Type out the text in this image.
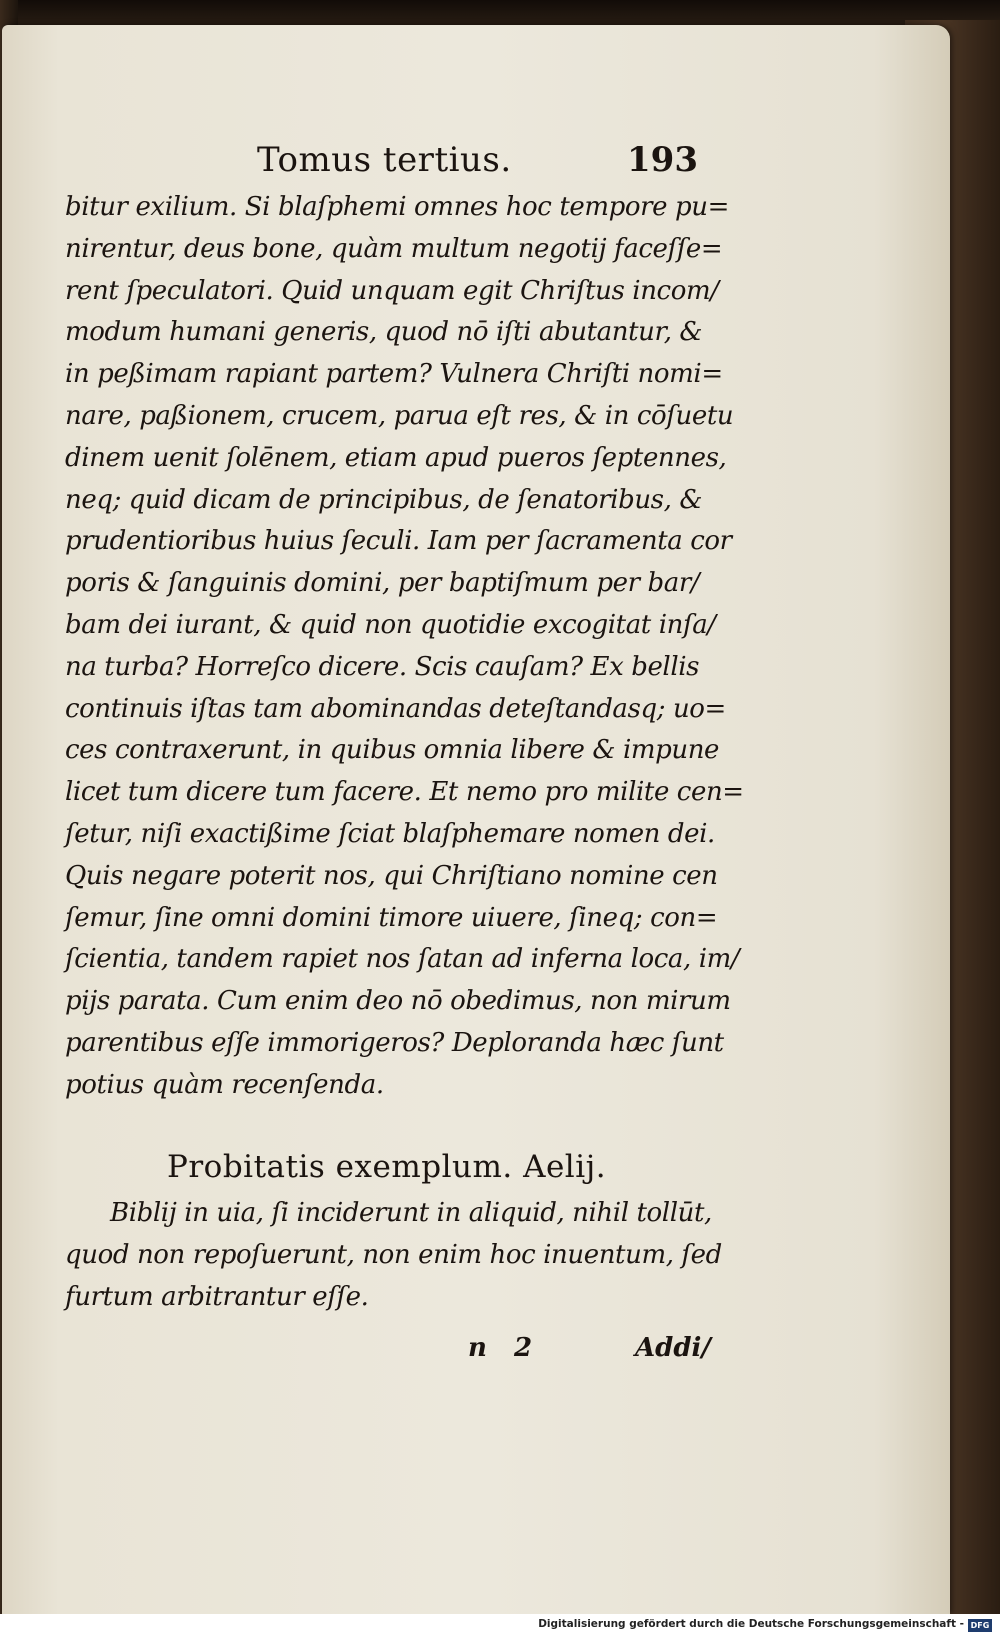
Tomus tertius.	193
bitur exilium. Si blaſphemi omnes hoc tempore pu=
nirentur, deus bone, quàm multum negotij faceſſe=
rent ſpeculatori. Quid unquam egit Chriſtus incom/
modum humani generis, quod nō iſti abutantur, &
in peßimam rapiant partem? Vulnera Chriſti nomi=
nare, paßionem, crucem, parua eſt res, & in cōſuetu
dinem uenit ſolēnem, etiam apud pueros ſeptennes,
neq; quid dicam de principibus, de ſenatoribus, &
prudentioribus huius ſeculi. Iam per ſacramenta cor
poris & ſanguinis domini, per baptiſmum per bar/
bam dei iurant, & quid non quotidie excogitat inſa/
na turba? Horreſco dicere. Scis cauſam? Ex bellis
continuis iſtas tam abominandas deteſtandasq; uo=
ces contraxerunt, in quibus omnia libere & impune
licet tum dicere tum facere. Et nemo pro milite cen=
ſetur, niſi exactißime ſciat blaſphemare nomen dei.
Quis negare poterit nos, qui Chriſtiano nomine cen
ſemur, ſine omni domini timore uiuere, ſineq; con=
ſcientia, tandem rapiet nos ſatan ad inferna loca, im/
pijs parata. Cum enim deo nō obedimus, non mirum
parentibus eſſe immorigeros? Deploranda hæc ſunt
potius quàm recenſenda.
Probitatis exemplum. Aelij.
Biblij in uia, ſi inciderunt in aliquid, nihil tollūt,
quod non repoſuerunt, non enim hoc inuentum, ſed
furtum arbitrantur eſſe.
n   2	Addi/
Digitalisierung gefördert durch die Deutsche Forschungsgemeinschaft - DFG
